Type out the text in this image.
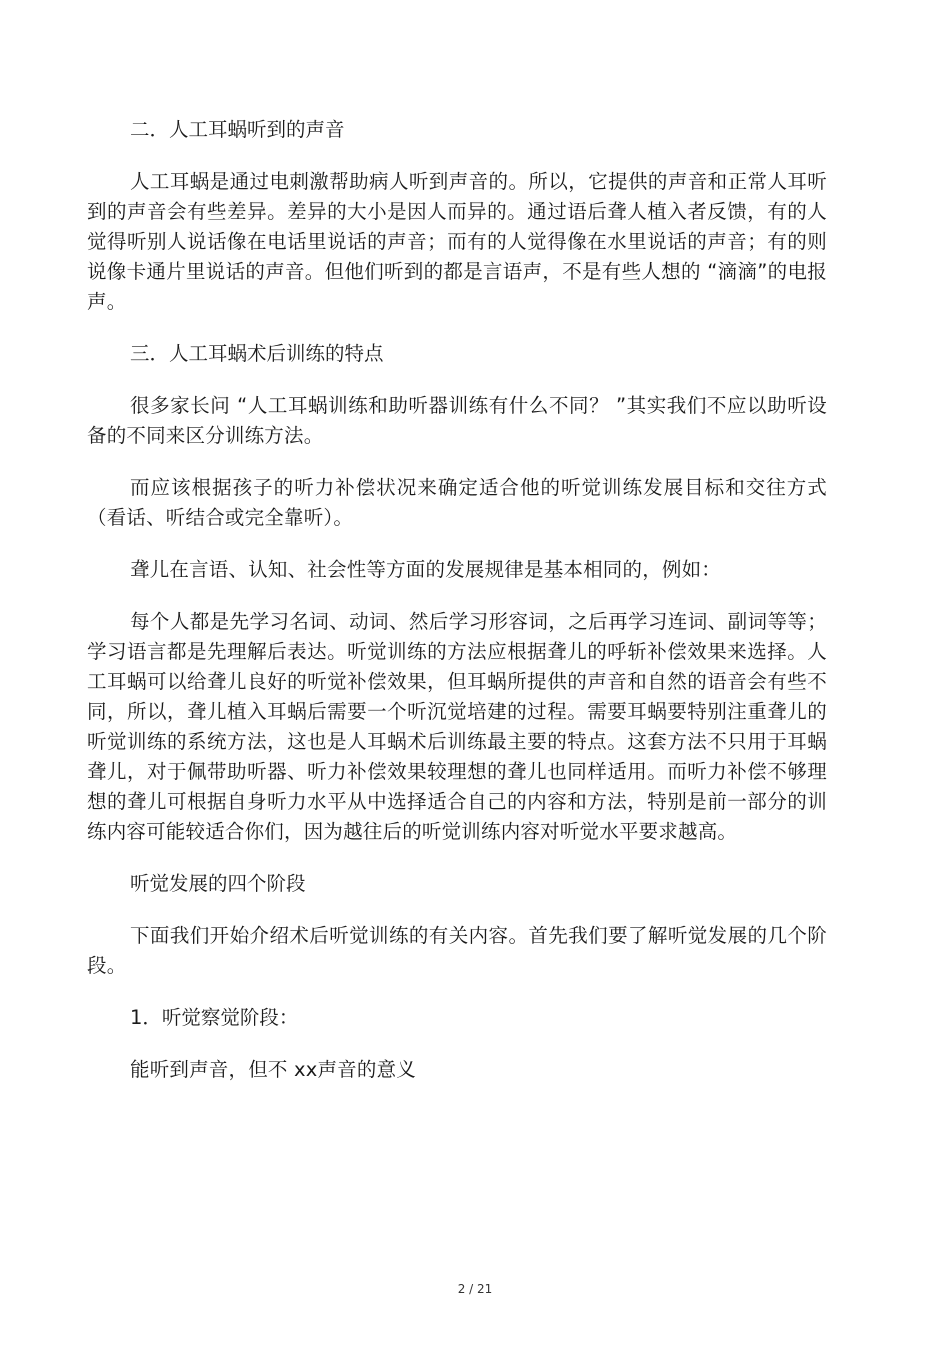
二．人工耳蜗听到的声音

人工耳蜗是通过电刺激帮助病人听到声音的。所以，它提供的声音和正常人耳听到的声音会有些差异。差异的大小是因人而异的。通过语后聋人植入者反馈，有的人觉得听别人说话像在电话里说话的声音；而有的人觉得像在水里说话的声音；有的则说像卡通片里说话的声音。但他们听到的都是言语声，不是有些人想的 “滴滴”的电报声。

三．人工耳蜗术后训练的特点

很多家长问 “人工耳蜗训练和助听器训练有什么不同？ ”其实我们不应以助听设备的不同来区分训练方法。

而应该根据孩子的听力补偿状况来确定适合他的听觉训练发展目标和交往方式（看话、听结合或完全靠听）。

聋儿在言语、认知、社会性等方面的发展规律是基本相同的，例如：

每个人都是先学习名词、动词、然后学习形容词，之后再学习连词、副词等等；学习语言都是先理解后表达。听觉训练的方法应根据聋儿的呼斩补偿效果来选择。人工耳蜗可以给聋儿良好的听觉补偿效果，但耳蜗所提供的声音和自然的语音会有些不同，所以，聋儿植入耳蜗后需要一个听沉觉培建的过程。需要耳蜗要特别注重聋儿的听觉训练的系统方法，这也是人耳蜗术后训练最主要的特点。这套方法不只用于耳蜗聋儿，对于佩带助听器、听力补偿效果较理想的聋儿也同样适用。而听力补偿不够理想的聋儿可根据自身听力水平从中选择适合自己的内容和方法，特别是前一部分的训练内容可能较适合你们，因为越往后的听觉训练内容对听觉水平要求越高。

听觉发展的四个阶段

下面我们开始介绍术后听觉训练的有关内容。首先我们要了解听觉发展的几个阶段。

1．听觉察觉阶段：

能听到声音，但不 xx声音的意义

2 / 21
